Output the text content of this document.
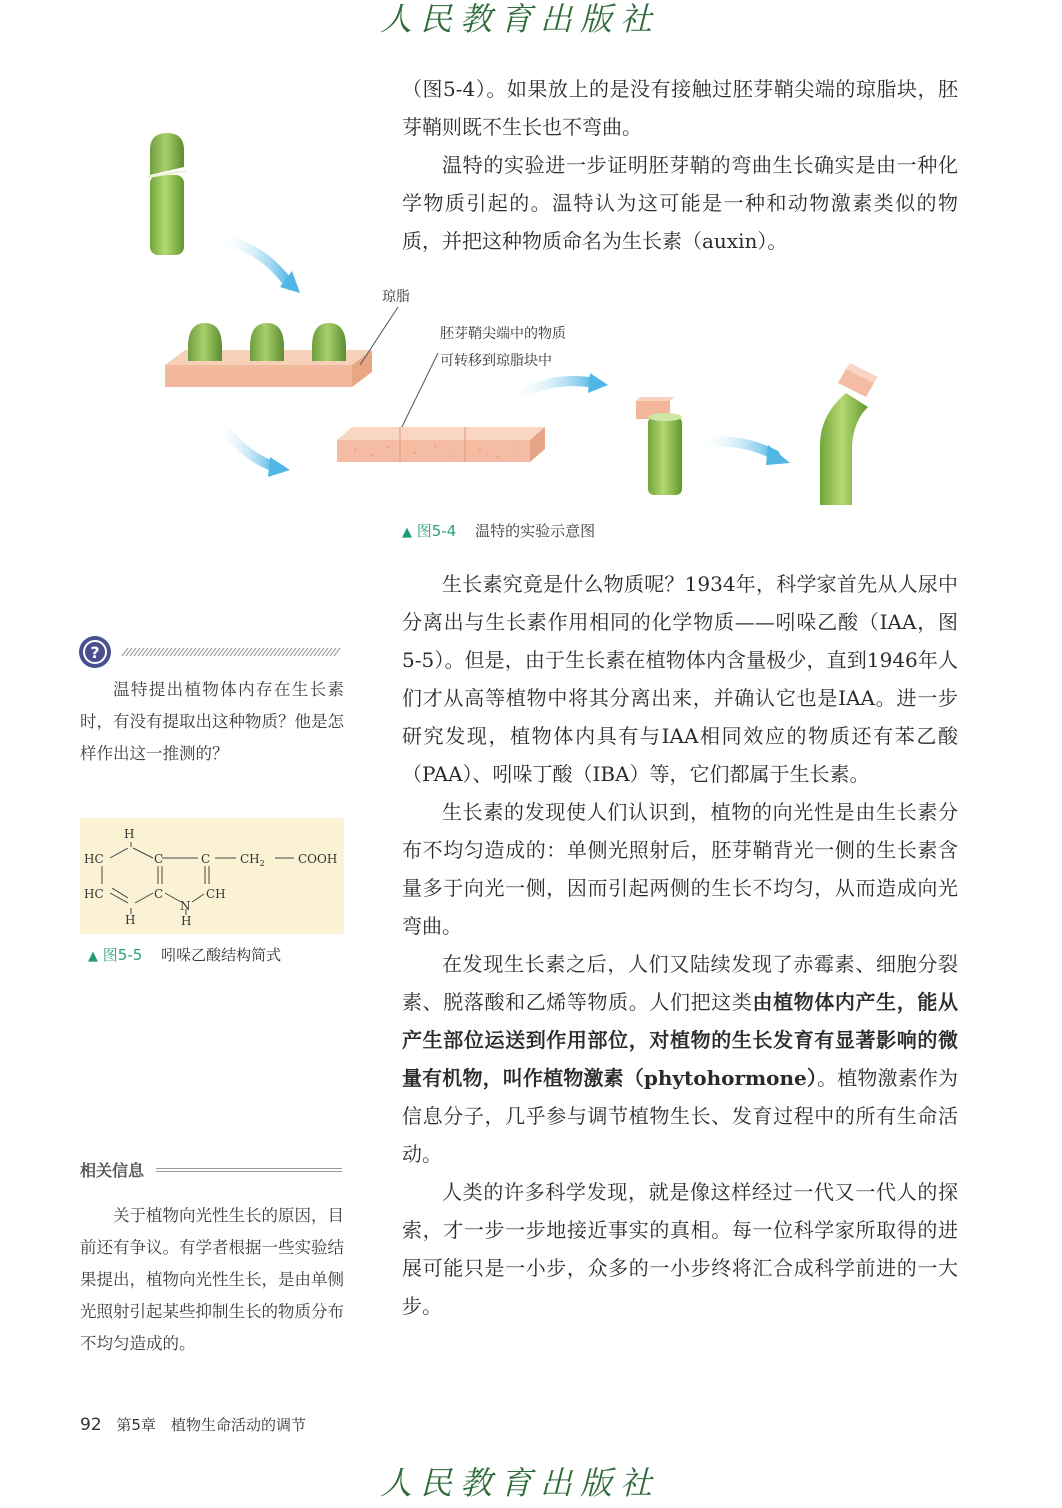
人民教育出版社
人民教育出版社

（图5-4）。如果放上的是没有接触过胚芽鞘尖端的琼脂块，胚芽鞘则既不生长也不弯曲。

温特的实验进一步证明胚芽鞘的弯曲生长确实是由一种化学物质引起的。温特认为这可能是一种和动物激素类似的物质，并把这种物质命名为生长素（auxin）。

琼脂
胚芽鞘尖端中的物质
可转移到琼脂块中
▲ 图5-4 温特的实验示意图

生长素究竟是什么物质呢？1934年，科学家首先从人尿中分离出与生长素作用相同的化学物质——吲哚乙酸（IAA，图5-5）。但是，由于生长素在植物体内含量极少，直到1946年人们才从高等植物中将其分离出来，并确认它也是IAA。进一步研究发现，植物体内具有与IAA相同效应的物质还有苯乙酸（PAA）、吲哚丁酸（IBA）等，它们都属于生长素。

生长素的发现使人们认识到，植物的向光性是由生长素分布不均匀造成的：单侧光照射后，胚芽鞘背光一侧的生长素含量多于向光一侧，因而引起两侧的生长不均匀，从而造成向光弯曲。

在发现生长素之后，人们又陆续发现了赤霉素、细胞分裂素、脱落酸和乙烯等物质。人们把这类由植物体内产生，能从产生部位运送到作用部位，对植物的生长发育有显著影响的微量有机物，叫作植物激素（phytohormone）。植物激素作为信息分子，几乎参与调节植物生长、发育过程中的所有生命活动。

人类的许多科学发现，就是像这样经过一代又一代人的探索，才一步一步地接近事实的真相。每一位科学家所取得的进展可能只是一小步，众多的一小步终将汇合成科学前进的一大步。

?

温特提出植物体内存在生长素时，有没有提取出这种物质？他是怎样作出这一推测的？

H
HC	C	C $CH_2$	COOH
HC	C	CH
N
H	H
▲ 图5-5 吲哚乙酸结构简式
相关信息

关于植物向光性生长的原因，目前还有争议。有学者根据一些实验结果提出，植物向光性生长，是由单侧光照射引起某些抑制生长的物质分布不均匀造成的。

92 第5章　植物生命活动的调节
